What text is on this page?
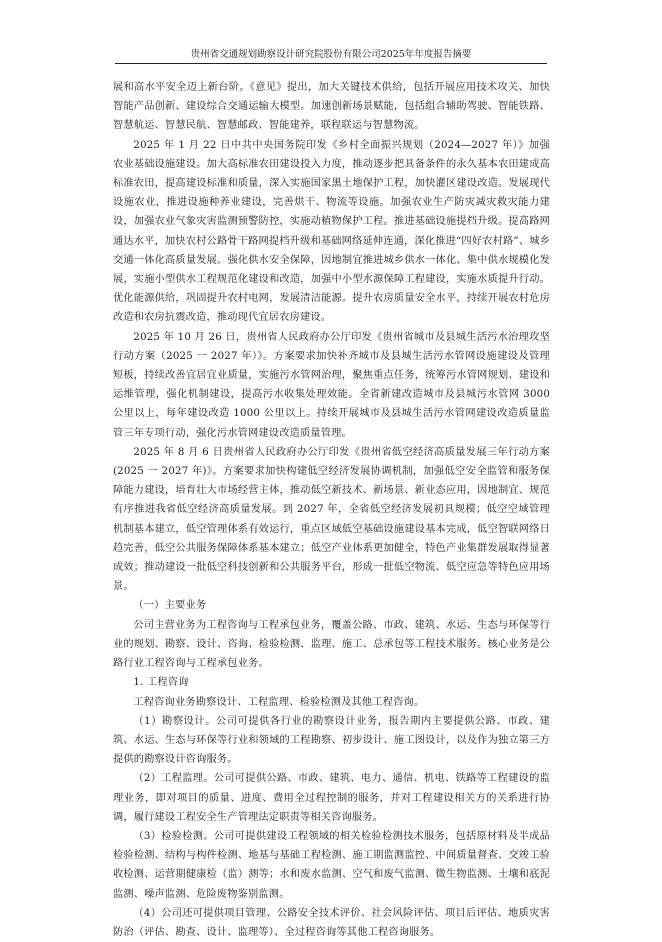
贵州省交通规划勘察设计研究院股份有限公司2025年年度报告摘要

展和高水平安全迈上新台阶。《意见》提出，加大关键技术供给，包括开展应用技术攻关、加快智能产品创新、建设综合交通运输大模型。加速创新场景赋能，包括组合辅助驾驶、智能铁路、智慧航运、智慧民航、智慧邮政、智能建养，联程联运与智慧物流。

2025 年 1 月 22 日中共中央国务院印发《乡村全面振兴规划（2024—2027 年）》加强农业基础设施建设。加大高标准农田建设投入力度，推动逐步把具备条件的永久基本农田建成高标准农田，提高建设标准和质量，深入实施国家黑土地保护工程，加快灌区建设改造。发展现代设施农业，推进设施种养业建设，完善烘干、物流等设施。加强农业生产防灾减灾救灾能力建设，加强农业气象灾害监测预警防控，实施动植物保护工程。推进基础设施提档升级。提高路网通达水平，加快农村公路骨干路网提档升级和基础网络延伸连通，深化推进“四好农村路”、城乡交通一体化高质量发展。强化供水安全保障，因地制宜推进城乡供水一体化、集中供水规模化发展，实施小型供水工程规范化建设和改造，加强中小型水源保障工程建设，实施水质提升行动。优化能源供给，巩固提升农村电网，发展清洁能源。提升农房质量安全水平，持续开展农村危房改造和农房抗震改造，推动现代宜居农房建设。

2025 年 10 月 26 日，贵州省人民政府办公厅印发《贵州省城市及县城生活污水治理攻坚行动方案（2025 一 2027 年）》。方案要求加快补齐城市及县城生活污水管网设施建设及管理短板，持续改善宜居宜业质量，实施污水管网治理，聚焦重点任务，统筹污水管网规划、建设和运维管理，强化机制建设，提高污水收集处理效能。全省新建改造城市及县城污水管网 3000 公里以上，每年建设改造 1000 公里以上。持续开展城市及县城生活污水管网建设改造质量监管三年专项行动，强化污水管网建设改造质量管理。

2025 年 8 月 6 日贵州省人民政府办公厅印发《贵州省低空经济高质量发展三年行动方案(2025 一 2027 年)》。方案要求加快构建低空经济发展协调机制，加强低空安全监管和服务保障能力建设，培育壮大市场经营主体，推动低空新技术、新场景、新业态应用，因地制宜、规范有序推进我省低空经济高质量发展。到 2027 年，全省低空经济发展初具规模；低空空域管理机制基本建立，低空管理体系有效运行，重点区域低空基础设施建设基本完成，低空智联网络日趋完善，低空公共服务保障体系基本建立；低空产业体系更加健全，特色产业集群发展取得显著成效；推动建设一批低空科技创新和公共服务平台，形成一批低空物流、低空应急等特色应用场景。

（一）主要业务

公司主营业务为工程咨询与工程承包业务，覆盖公路、市政、建筑、水运、生态与环保等行业的规划、勘察、设计、咨询、检验检测、监理、施工、总承包等工程技术服务。核心业务是公路行业工程咨询与工程承包业务。

1. 工程咨询

工程咨询业务勘察设计、工程监理、检验检测及其他工程咨询。

（1）勘察设计。公司可提供各行业的勘察设计业务，报告期内主要提供公路、市政、建筑、水运、生态与环保等行业和领域的工程勘察、初步设计、施工图设计，以及作为独立第三方提供的勘察设计咨询服务。

（2）工程监理。公司可提供公路、市政、建筑、电力、通信、机电、铁路等工程建设的监理业务，即对项目的质量、进度、费用全过程控制的服务，并对工程建设相关方的关系进行协调，履行建设工程安全生产管理法定职责等相关咨询服务。

（3）检验检测。公司可提供建设工程领域的相关检验检测技术服务，包括原材料及半成品检验检测、结构与构件检测、地基与基础工程检测、施工期监测监控、中间质量督查、交竣工验收检测、运营期健康检（监）测等；水和废水监测、空气和废气监测、微生物监测、土壤和底泥监测、噪声监测、危险废物鉴别监测。

（4）公司还可提供项目管理、公路安全技术评价、社会风险评估、项目后评估、地质灾害防治（评估、勘查、设计、监理等）、全过程咨询等其他工程咨询服务。
